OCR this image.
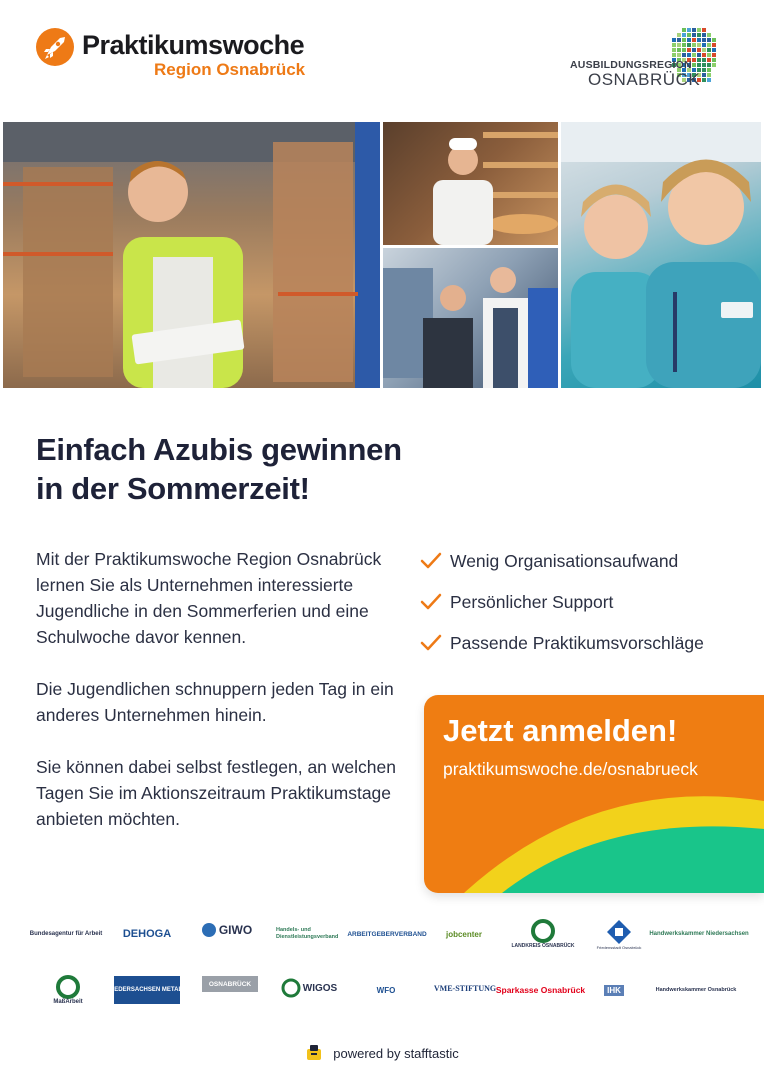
Praktikumswoche
Region Osnabrück	AUSBILDUNGSREGION
OSNABRÜCK
Einfach Azubis gewinnen
in der Sommerzeit!

Mit der Praktikumswoche Region Osnabrück lernen Sie als Unternehmen interessierte Jugendliche in den Sommerferien und eine Schulwoche davor kennen.

Die Jugendlichen schnuppern jeden Tag in ein anderes Unternehmen hinein.

Sie können dabei selbst festlegen, an welchen Tagen Sie im Aktionszeitraum Praktikumstage anbieten möchten.

Wenig Organisationsaufwand
Persönlicher Support
Passende Praktikumsvorschläge
Jetzt anmelden!
praktikumswoche.de/osnabrueck
Bundesagentur für Arbeit DEHOGA	GIWO	Handels- und Dienstleistungsverband	ARBEITGEBERVERBAND jobcenter
LANDKREIS OSNABRÜCK	Friedensstadt Osnabrück
Handwerkskammer Niedersachsen
MaßArbeit
NIEDERSACHSEN METALL
OSNABRÜCK	WIGOS	WFO	VME-STIFTUNG Sparkasse Osnabrück	IHK	Handwerkskammer Osnabrück
powered by stafftastic
